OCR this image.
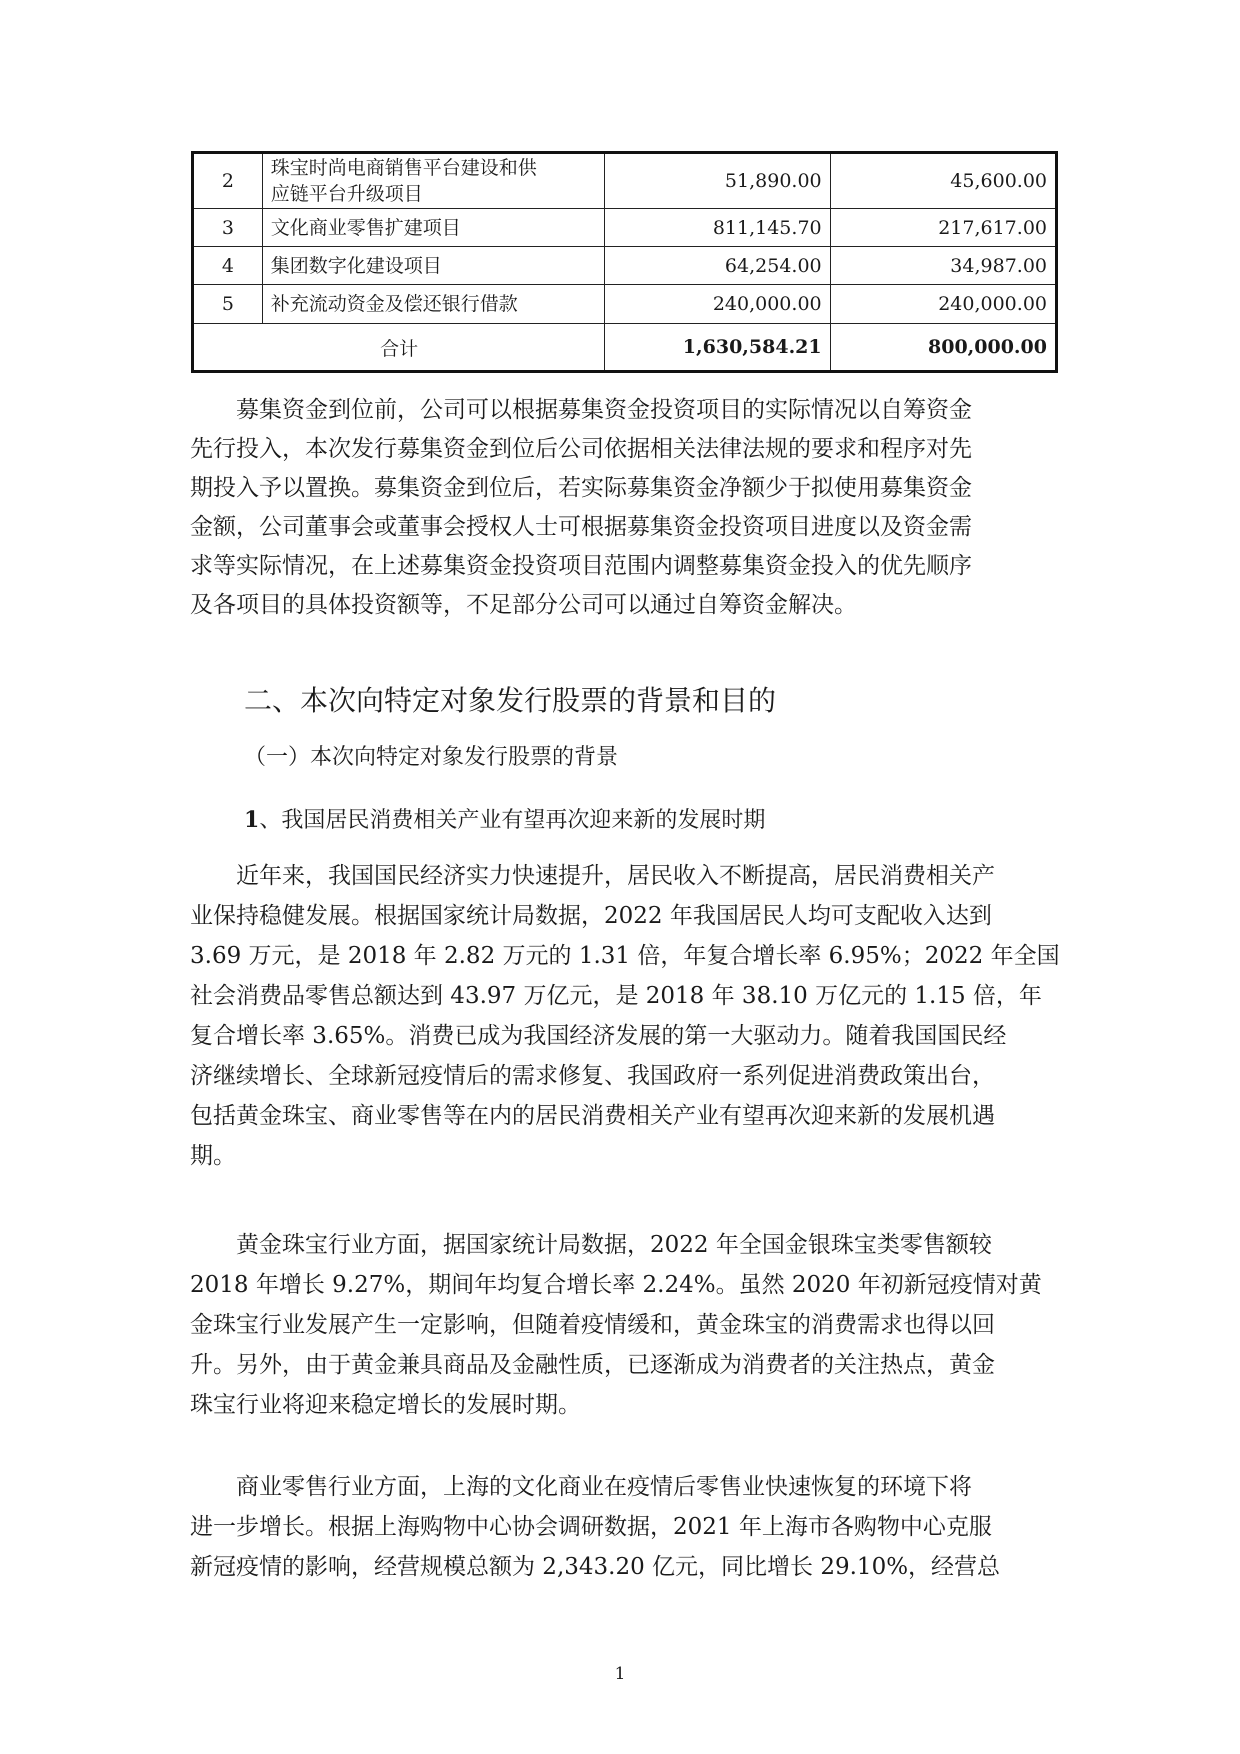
2	珠宝时尚电商销售平台建设和供
应链平台升级项目	51,890.00	45,600.00
3	文化商业零售扩建项目	811,145.70	217,617.00
4	集团数字化建设项目	64,254.00	34,987.00
5	补充流动资金及偿还银行借款	240,000.00	240,000.00
合计		1,630,584.21	800,000.00

　　募集资金到位前，公司可以根据募集资金投资项目的实际情况以自筹资金
先行投入，本次发行募集资金到位后公司依据相关法律法规的要求和程序对先
期投入予以置换。募集资金到位后，若实际募集资金净额少于拟使用募集资金
金额，公司董事会或董事会授权人士可根据募集资金投资项目进度以及资金需
求等实际情况，在上述募集资金投资项目范围内调整募集资金投入的优先顺序
及各项目的具体投资额等，不足部分公司可以通过自筹资金解决。

二、本次向特定对象发行股票的背景和目的
（一）本次向特定对象发行股票的背景
1、我国居民消费相关产业有望再次迎来新的发展时期

　　近年来，我国国民经济实力快速提升，居民收入不断提高，居民消费相关产
业保持稳健发展。根据国家统计局数据，2022 年我国居民人均可支配收入达到
3.69 万元，是 2018 年 2.82 万元的 1.31 倍，年复合增长率 6.95%；2022 年全国
社会消费品零售总额达到 43.97 万亿元，是 2018 年 38.10 万亿元的 1.15 倍，年
复合增长率 3.65%。消费已成为我国经济发展的第一大驱动力。随着我国国民经
济继续增长、全球新冠疫情后的需求修复、我国政府一系列促进消费政策出台，
包括黄金珠宝、商业零售等在内的居民消费相关产业有望再次迎来新的发展机遇
期。

　　黄金珠宝行业方面，据国家统计局数据，2022 年全国金银珠宝类零售额较
2018 年增长 9.27%，期间年均复合增长率 2.24%。虽然 2020 年初新冠疫情对黄
金珠宝行业发展产生一定影响，但随着疫情缓和，黄金珠宝的消费需求也得以回
升。另外，由于黄金兼具商品及金融性质，已逐渐成为消费者的关注热点，黄金
珠宝行业将迎来稳定增长的发展时期。

　　商业零售行业方面，上海的文化商业在疫情后零售业快速恢复的环境下将
进一步增长。根据上海购物中心协会调研数据，2021 年上海市各购物中心克服
新冠疫情的影响，经营规模总额为 2,343.20 亿元，同比增长 29.10%，经营总

1
